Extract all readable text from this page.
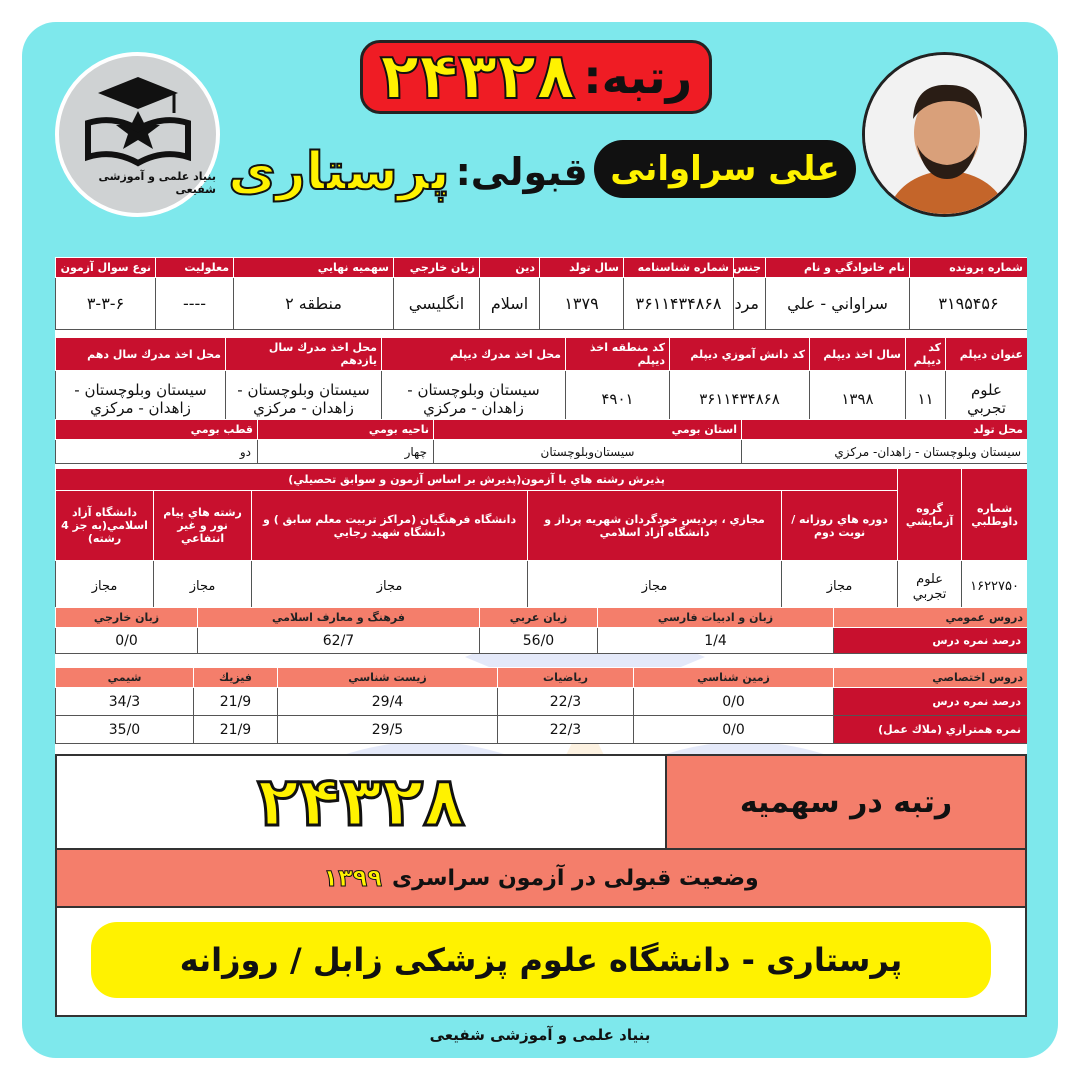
بنیاد علمی و آموزشی شفیعی
رتبه:
۲۴۳۲۸
علی سراوانی
قبولی:
پرستاری
شماره پرونده	نام خانوادگي و نام	جنس	شماره شناسنامه	سال تولد	دين	زبان خارجي	سهميه نهايي	معلوليت	نوع سوال آزمون
۳۱۹۵۴۵۶	سراواني - علي	مرد	۳۶۱۱۴۳۴۸۶۸	۱۳۷۹	اسلام	انگليسي	منطقه ۲	----	۳-۳-۶
عنوان ديپلم	كد ديپلم	سال اخذ ديپلم	كد دانش آموزي ديپلم	كد منطقه اخذ ديپلم	محل اخذ مدرك ديپلم	محل اخذ مدرك سال يازدهم	محل اخذ مدرك سال دهم
علوم تجربي	۱۱	۱۳۹۸	۳۶۱۱۴۳۴۸۶۸	۴۹۰۱	سيستان وبلوچستان - زاهدان - مركزي	سيستان وبلوچستان - زاهدان - مركزي	سيستان وبلوچستان - زاهدان - مركزي
محل تولد	استان بومي	ناحيه بومي	قطب بومي
سيستان وبلوچستان - زاهدان- مركزي	سيستان‌وبلوچستان	چهار	دو
شماره داوطلبي	گروه آزمايشي	پذيرش رشته هاي با آزمون(پذيرش بر اساس آزمون و سوابق تحصيلي)				
		دوره هاي روزانه / نوبت دوم	مجازي ، پرديس خودگردان شهريه پرداز و دانشگاه آزاد اسلامي	دانشگاه فرهنگيان (مراكز تربيت معلم سابق ) و دانشگاه شهيد رجايي	رشته هاي پيام نور و غير انتفاعي	دانشگاه آزاد اسلامي(به جز 4 رشته)
۱۶۲۲۷۵۰	علوم تجربي	مجاز	مجاز	مجاز	مجاز	مجاز
دروس عمومي	زبان و ادبيات فارسي	زبان عربي	فرهنگ و معارف اسلامي	زبان خارجي
درصد نمره درس	1/4	56/0	62/7	0/0
دروس اختصاصي	زمين شناسي	رياضيات	زيست شناسي	فيزيك	شيمي
درصد نمره درس	0/0	22/3	29/4	21/9	34/3
نمره همترازي (ملاك عمل)	0/0	22/3	29/5	21/9	35/0
رتبه در سهمیه
۲۴۳۲۸
وضعیت قبولی در آزمون سراسری
۱۳۹۹
پرستاری - دانشگاه علوم پزشکی زابل / روزانه
بنیاد علمی و آموزشی شفیعی
